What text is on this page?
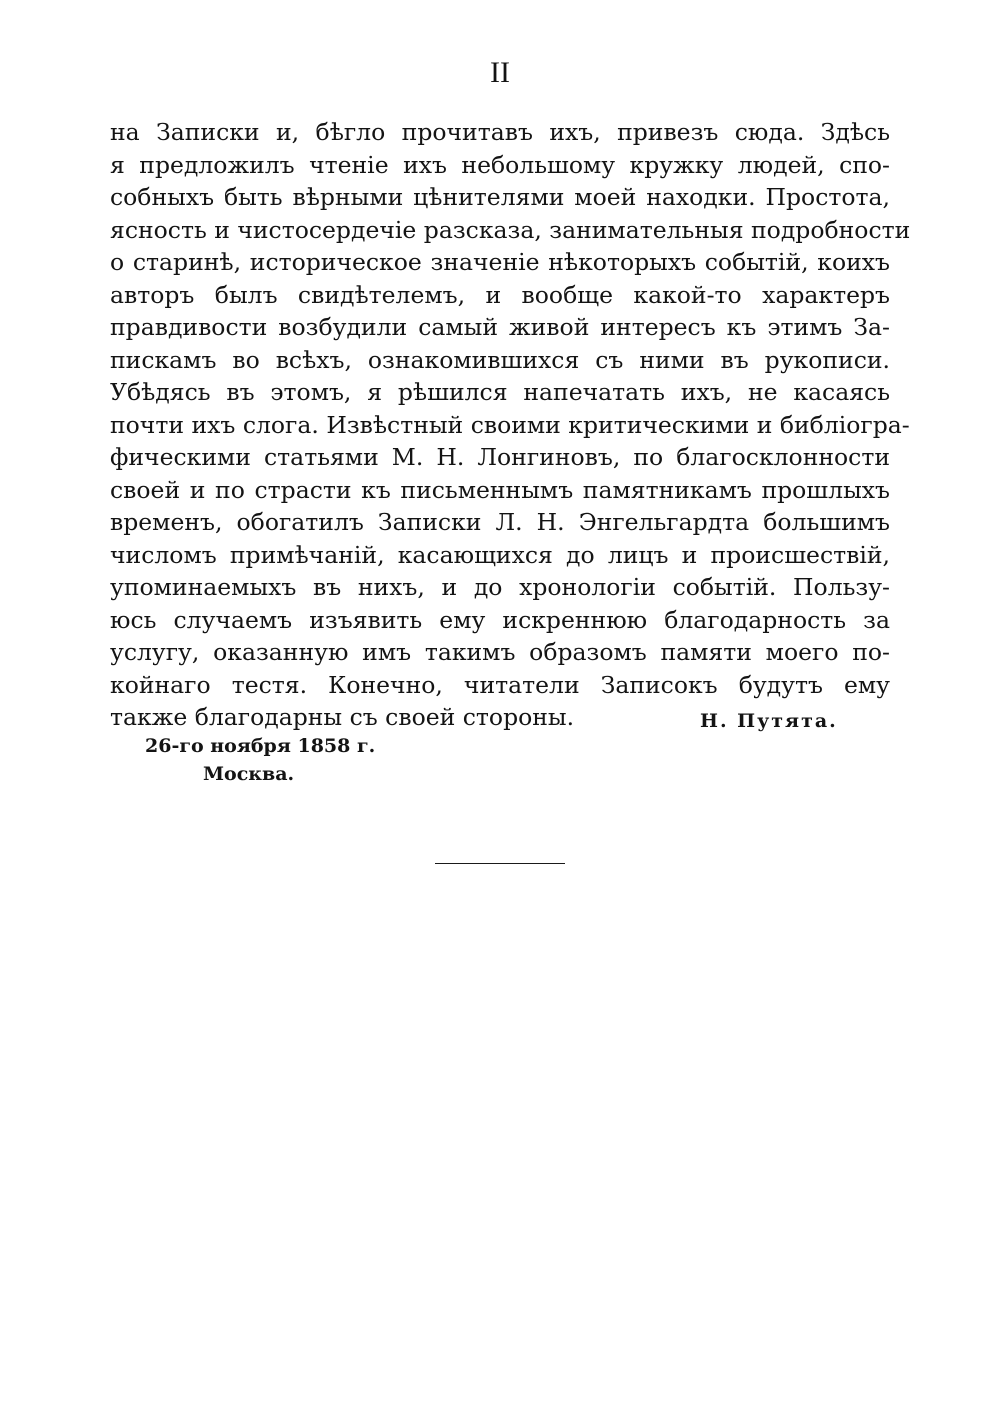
II
на Записки и, бѣгло прочитавъ ихъ, привезъ сюда. Здѣсь
я предложилъ чтеніе ихъ небольшому кружку людей, спо-
собныхъ быть вѣрными цѣнителями моей находки. Простота,
ясность и чистосердечіе разсказа, занимательныя подробности
о старинѣ, историческое значеніе нѣкоторыхъ событій, коихъ
авторъ былъ свидѣтелемъ, и вообще какой-то характеръ
правдивости возбудили самый живой интересъ къ этимъ За-
пискамъ во всѣхъ, ознакомившихся съ ними въ рукописи.
Убѣдясь въ этомъ, я рѣшился напечатать ихъ, не касаясь
почти ихъ слога. Извѣстный своими критическими и библіогра-
фическими статьями М. Н. Лонгиновъ, по благосклонности
своей и по страсти къ письменнымъ памятникамъ прошлыхъ
временъ, обогатилъ Записки Л. Н. Энгельгардта большимъ
числомъ примѣчаній, касающихся до лицъ и происшествій,
упоминаемыхъ въ нихъ, и до хронологіи событій. Пользу-
юсь случаемъ изъявить ему искреннюю благодарность за
услугу, оказанную имъ такимъ образомъ памяти моего по-
койнаго тестя. Конечно, читатели Записокъ будутъ ему
также благодарны съ своей стороны.	Н. Путята.
26-го ноября 1858 г.
Москва.
